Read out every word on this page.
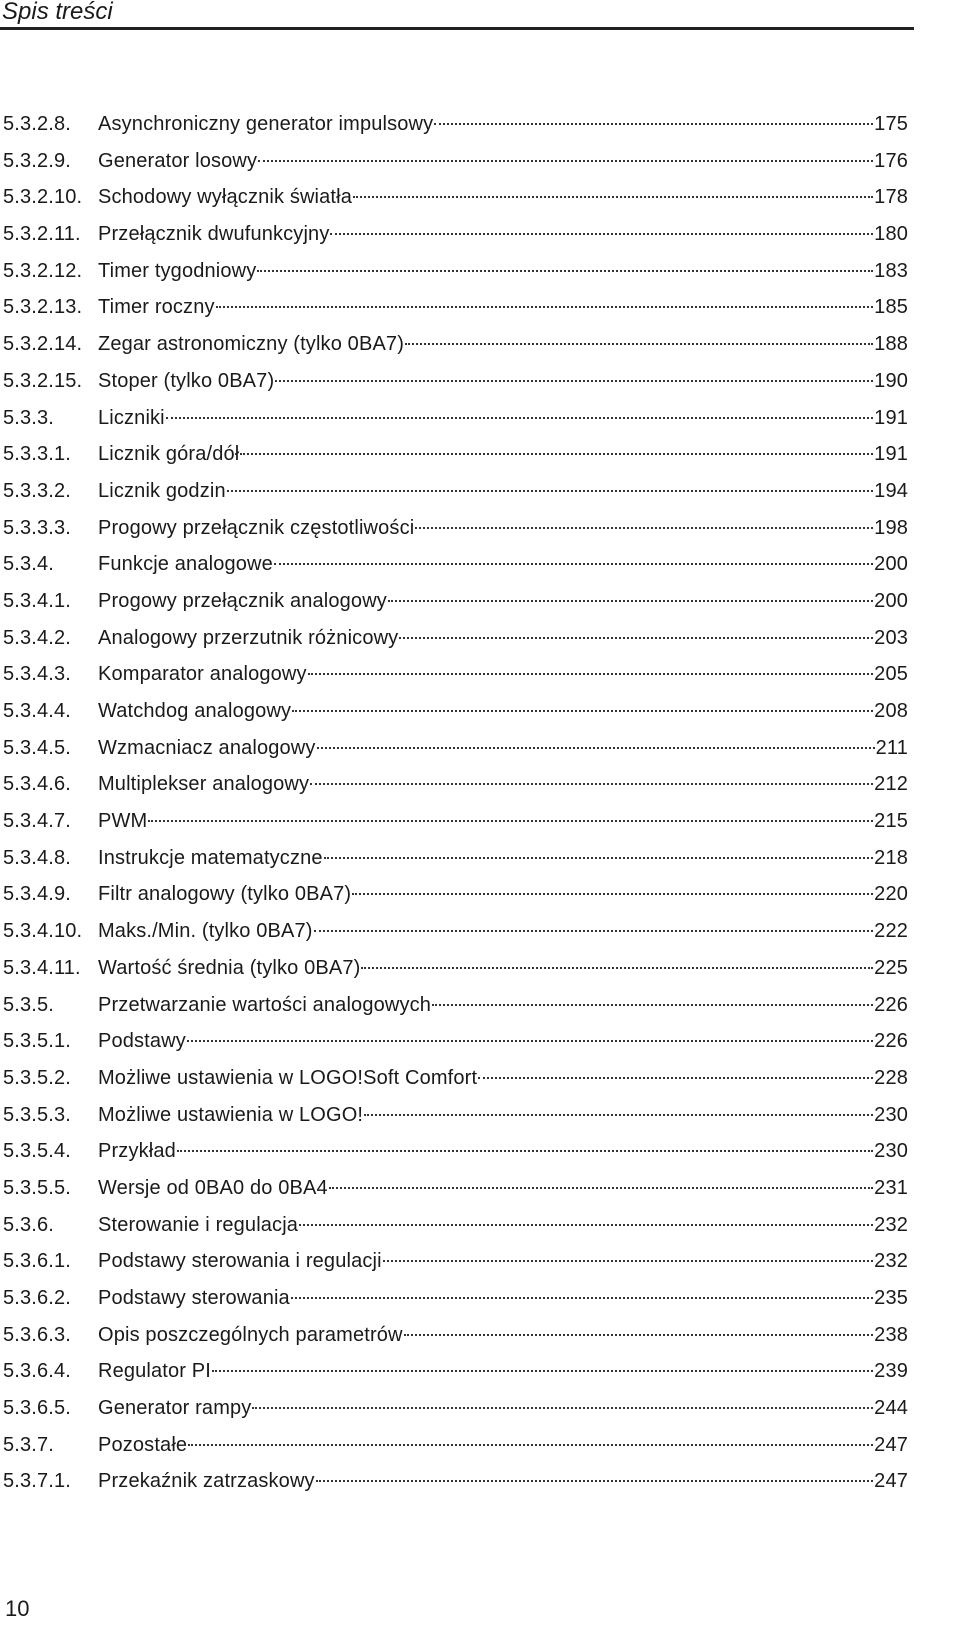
Spis treści
5.3.2.8.	Asynchroniczny generator impulsowy	175
5.3.2.9.	Generator losowy	176
5.3.2.10. Schodowy wyłącznik światła	178
5.3.2.11. Przełącznik dwufunkcyjny	180
5.3.2.12. Timer tygodniowy	183
5.3.2.13. Timer roczny	185
5.3.2.14. Zegar astronomiczny (tylko 0BA7)	188
5.3.2.15. Stoper (tylko 0BA7)	190
5.3.3.	Liczniki	191
5.3.3.1.	Licznik góra/dół	191
5.3.3.2.	Licznik godzin	194
5.3.3.3.	Progowy przełącznik częstotliwości	198
5.3.4.	Funkcje analogowe	200
5.3.4.1.	Progowy przełącznik analogowy	200
5.3.4.2.	Analogowy przerzutnik różnicowy	203
5.3.4.3.	Komparator analogowy	205
5.3.4.4.	Watchdog analogowy	208
5.3.4.5.	Wzmacniacz analogowy	211
5.3.4.6.	Multiplekser analogowy	212
5.3.4.7.	PWM	215
5.3.4.8.	Instrukcje matematyczne	218
5.3.4.9.	Filtr analogowy (tylko 0BA7)	220
5.3.4.10. Maks./Min. (tylko 0BA7)	222
5.3.4.11. Wartość średnia (tylko 0BA7)	225
5.3.5.	Przetwarzanie wartości analogowych	226
5.3.5.1.	Podstawy	226
5.3.5.2.	Możliwe ustawienia w LOGO!Soft Comfort	228
5.3.5.3.	Możliwe ustawienia w LOGO!	230
5.3.5.4.	Przykład	230
5.3.5.5.	Wersje od 0BA0 do 0BA4	231
5.3.6.	Sterowanie i regulacja	232
5.3.6.1.	Podstawy sterowania i regulacji	232
5.3.6.2.	Podstawy sterowania	235
5.3.6.3.	Opis poszczególnych parametrów	238
5.3.6.4.	Regulator PI	239
5.3.6.5.	Generator rampy	244
5.3.7.	Pozostałe	247
5.3.7.1.	Przekaźnik zatrzaskowy	247
10
